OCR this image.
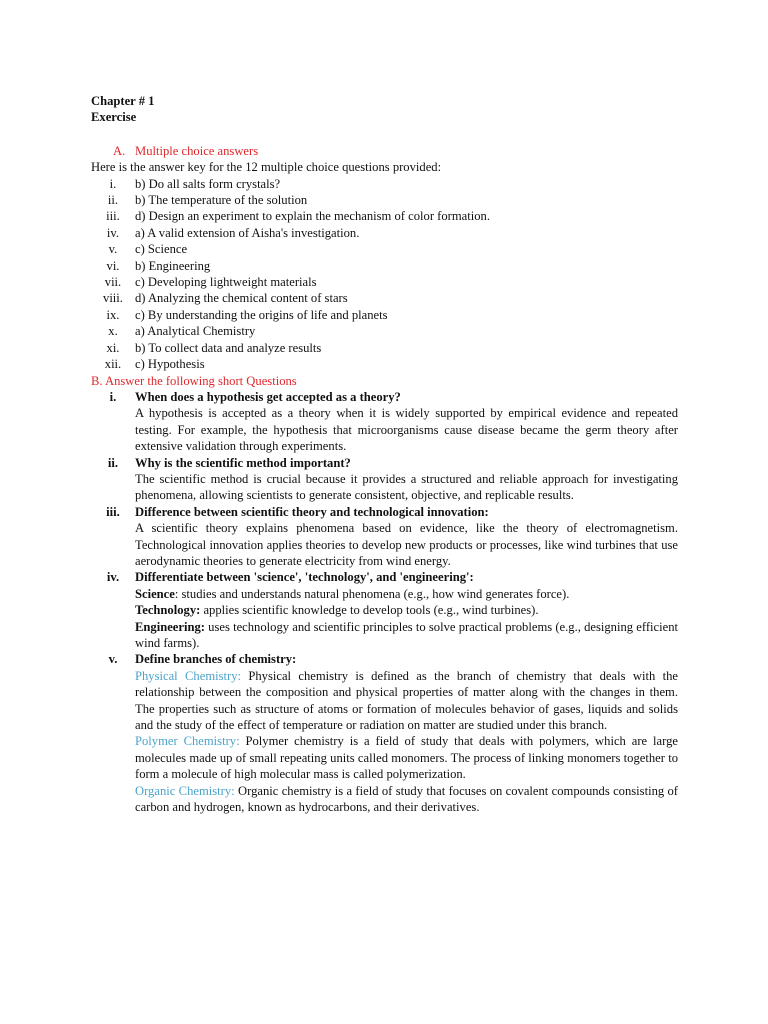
Chapter # 1
Exercise
A. Multiple choice answers
Here is the answer key for the 12 multiple choice questions provided:
i.	b) Do all salts form crystals?
ii.	b) The temperature of the solution
iii.	d) Design an experiment to explain the mechanism of color formation.
iv.	a) A valid extension of Aisha's investigation.
v.	c) Science
vi.	b) Engineering
vii.	c) Developing lightweight materials
viii. d) Analyzing the chemical content of stars
ix.	c) By understanding the origins of life and planets
x.	a) Analytical Chemistry
xi.	b) To collect data and analyze results
xii.	c) Hypothesis
B. Answer the following short Questions
i.	When does a hypothesis get accepted as a theory?
A hypothesis is accepted as a theory when it is widely supported by empirical evidence and repeated testing. For example, the hypothesis that microorganisms cause disease became the germ theory after extensive validation through experiments.
ii.	Why is the scientific method important?
The scientific method is crucial because it provides a structured and reliable approach for investigating phenomena, allowing scientists to generate consistent, objective, and replicable results.
iii.	Difference between scientific theory and technological innovation:
A scientific theory explains phenomena based on evidence, like the theory of electromagnetism. Technological innovation applies theories to develop new products or processes, like wind turbines that use aerodynamic theories to generate electricity from wind energy.
iv.	Differentiate between 'science', 'technology', and 'engineering':
Science: studies and understands natural phenomena (e.g., how wind generates force).
Technology: applies scientific knowledge to develop tools (e.g., wind turbines).
Engineering: uses technology and scientific principles to solve practical problems (e.g., designing efficient wind farms).
v.	Define branches of chemistry:
Physical Chemistry: Physical chemistry is defined as the branch of chemistry that deals with the relationship between the composition and physical properties of matter along with the changes in them. The properties such as structure of atoms or formation of molecules behavior of gases, liquids and solids and the study of the effect of temperature or radiation on matter are studied under this branch.
Polymer Chemistry: Polymer chemistry is a field of study that deals with polymers, which are large molecules made up of small repeating units called monomers. The process of linking monomers together to form a molecule of high molecular mass is called polymerization.
Organic Chemistry: Organic chemistry is a field of study that focuses on covalent compounds consisting of carbon and hydrogen, known as hydrocarbons, and their derivatives.
